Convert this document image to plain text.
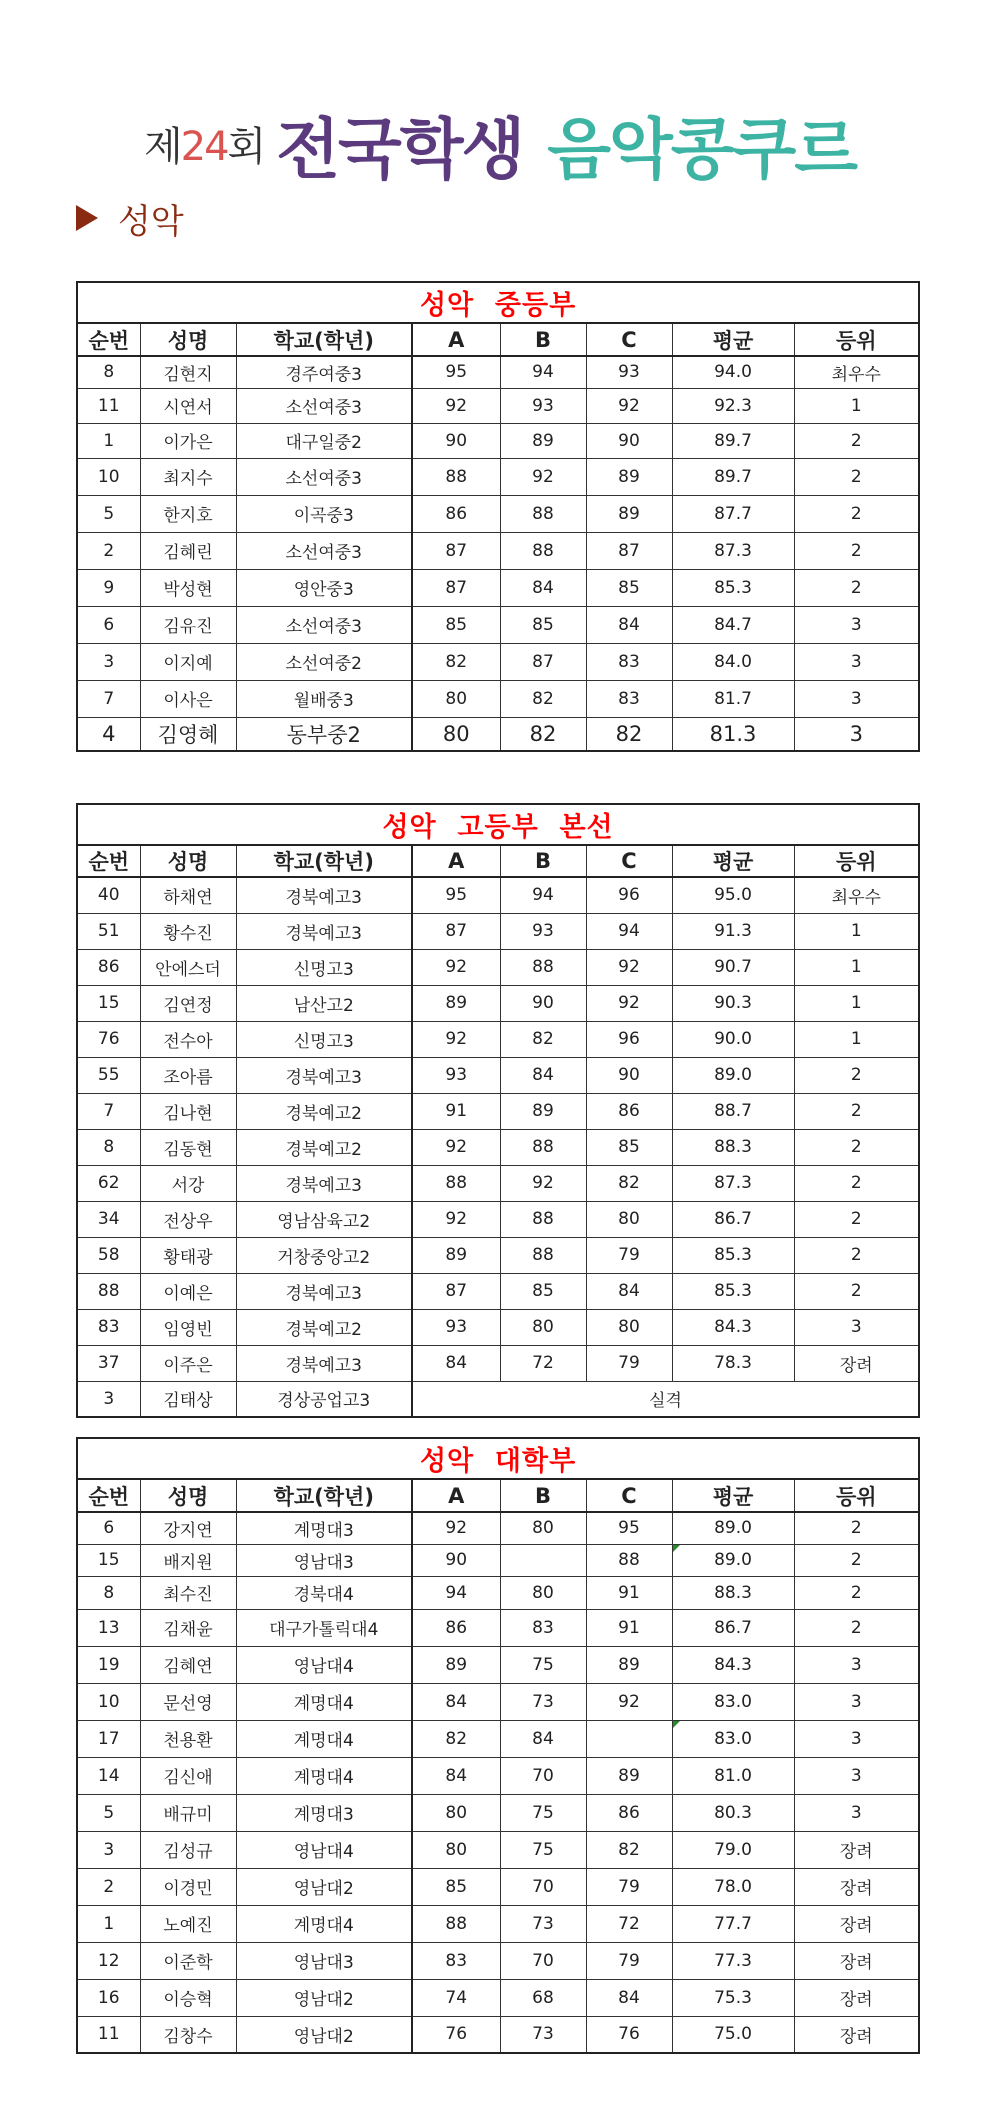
제24회 전국학생 음악콩쿠르
성악
성악  중등부							
순번	성명	학교(학년)	A	B	C	평균	등위
8	김현지	경주여중3	95	94	93	94.0	최우수
11	시연서	소선여중3	92	93	92	92.3	1
1	이가은	대구일중2	90	89	90	89.7	2
10	최지수	소선여중3	88	92	89	89.7	2
5	한지호	이곡중3	86	88	89	87.7	2
2	김혜린	소선여중3	87	88	87	87.3	2
9	박성현	영안중3	87	84	85	85.3	2
6	김유진	소선여중3	85	85	84	84.7	3
3	이지예	소선여중2	82	87	83	84.0	3
7	이사은	월배중3	80	82	83	81.7	3
4	김영혜	동부중2	80	82	82	81.3	3
성악  고등부  본선							
순번	성명	학교(학년)	A	B	C	평균	등위
40	하채연	경북예고3	95	94	96	95.0	최우수
51	황수진	경북예고3	87	93	94	91.3	1
86	안에스더	신명고3	92	88	92	90.7	1
15	김연정	남산고2	89	90	92	90.3	1
76	전수아	신명고3	92	82	96	90.0	1
55	조아름	경북예고3	93	84	90	89.0	2
7	김나현	경북예고2	91	89	86	88.7	2
8	김동현	경북예고2	92	88	85	88.3	2
62	서강	경북예고3	88	92	82	87.3	2
34	전상우	영남삼육고2	92	88	80	86.7	2
58	황태광	거창중앙고2	89	88	79	85.3	2
88	이예은	경북예고3	87	85	84	85.3	2
83	임영빈	경북예고2	93	80	80	84.3	3
37	이주은	경북예고3	84	72	79	78.3	장려
3	김태상	경상공업고3	실격				
성악  대학부							
순번	성명	학교(학년)	A	B	C	평균	등위
6	강지연	계명대3	92	80	95	89.0	2
15	배지원	영남대3	90		88	89.0	2
8	최수진	경북대4	94	80	91	88.3	2
13	김채윤	대구가톨릭대4	86	83	91	86.7	2
19	김혜연	영남대4	89	75	89	84.3	3
10	문선영	계명대4	84	73	92	83.0	3
17	천용환	계명대4	82	84		83.0	3
14	김신애	계명대4	84	70	89	81.0	3
5	배규미	계명대3	80	75	86	80.3	3
3	김성규	영남대4	80	75	82	79.0	장려
2	이경민	영남대2	85	70	79	78.0	장려
1	노예진	계명대4	88	73	72	77.7	장려
12	이준학	영남대3	83	70	79	77.3	장려
16	이승혁	영남대2	74	68	84	75.3	장려
11	김창수	영남대2	76	73	76	75.0	장려
